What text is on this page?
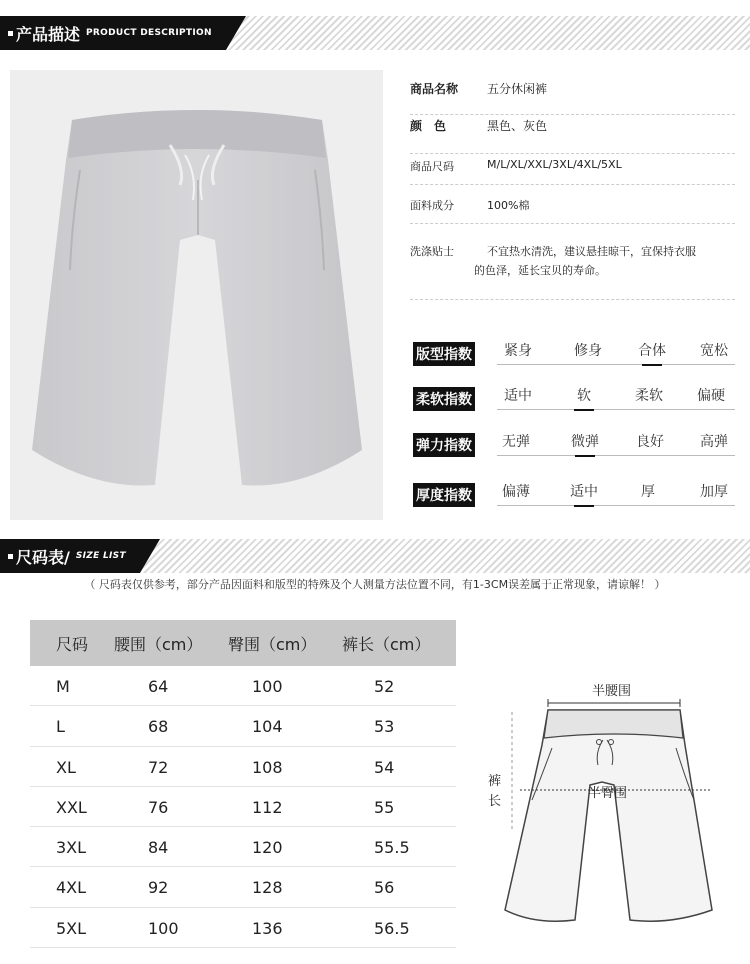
产品描述 PRODUCT DESCRIPTION
商品名称 五分休闲裤
颜　色	黑色、灰色
商品尺码	M/L/XL/XXL/3XL/4XL/5XL
面料成分	100%棉
洗涤贴士	不宜热水清洗，建议悬挂晾干，宜保持衣服
的色泽，延长宝贝的寿命。
版型指数	紧身	修身	合体	宽松
柔软指数	适中	软	柔软	偏硬
弹力指数	无弹	微弹	良好	高弹
厚度指数	偏薄	适中	厚	加厚
尺码表/ SIZE LIST
（ 尺码表仅供参考，部分产品因面料和版型的特殊及个人测量方法位置不同，有1-3CM误差属于正常现象，请谅解！ ）
尺码 腰围（cm） 臀围（cm） 裤长（cm）
M	64	100	52
L	68	104	53
XL	72	108	54
XXL	76	112	55
3XL	84	120	55.5
4XL	92	128	56
5XL	100	136	56.5
半腰围
半臀围
裤
长
